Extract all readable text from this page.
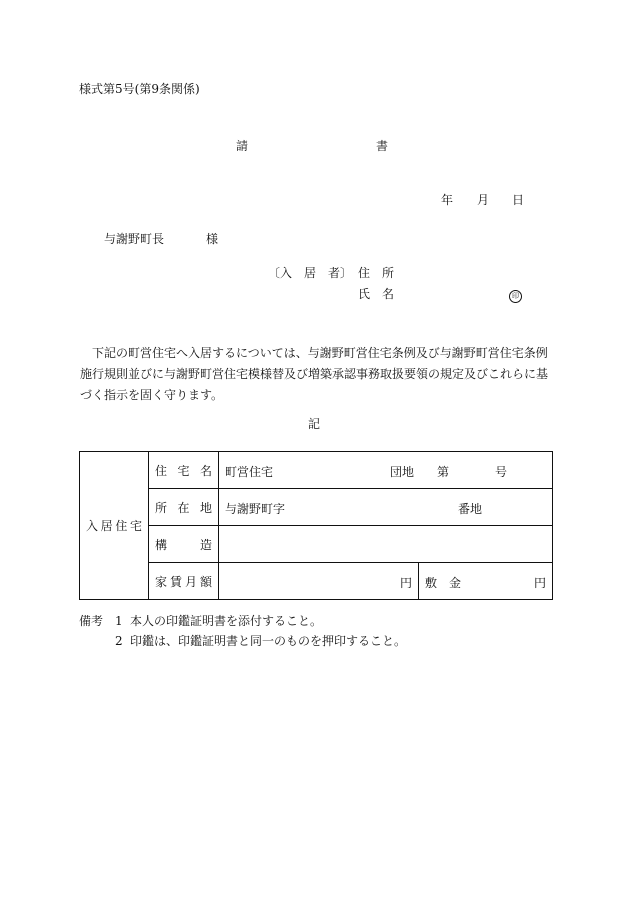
様式第5号(第9条関係)
請	書
年 月 日
与謝野町長	様
〔入　居　者〕 住　所
氏　名	印

下記の町営住宅へ入居するについては、与謝野町営住宅条例及び与謝野町営住宅条例施行規則並びに与謝野町営住宅模様替及び増築承認事務取扱要領の規定及びこれらに基づく指示を固く守ります。

記
入居住宅	住宅名	町営住宅 団地 第 号	

	所在地	与謝野町字 番地	

	構造		
	家賃月額	円	敷　金 円
備考 1 本人の印鑑証明書を添付すること。
2 印鑑は、印鑑証明書と同一のものを押印すること。
